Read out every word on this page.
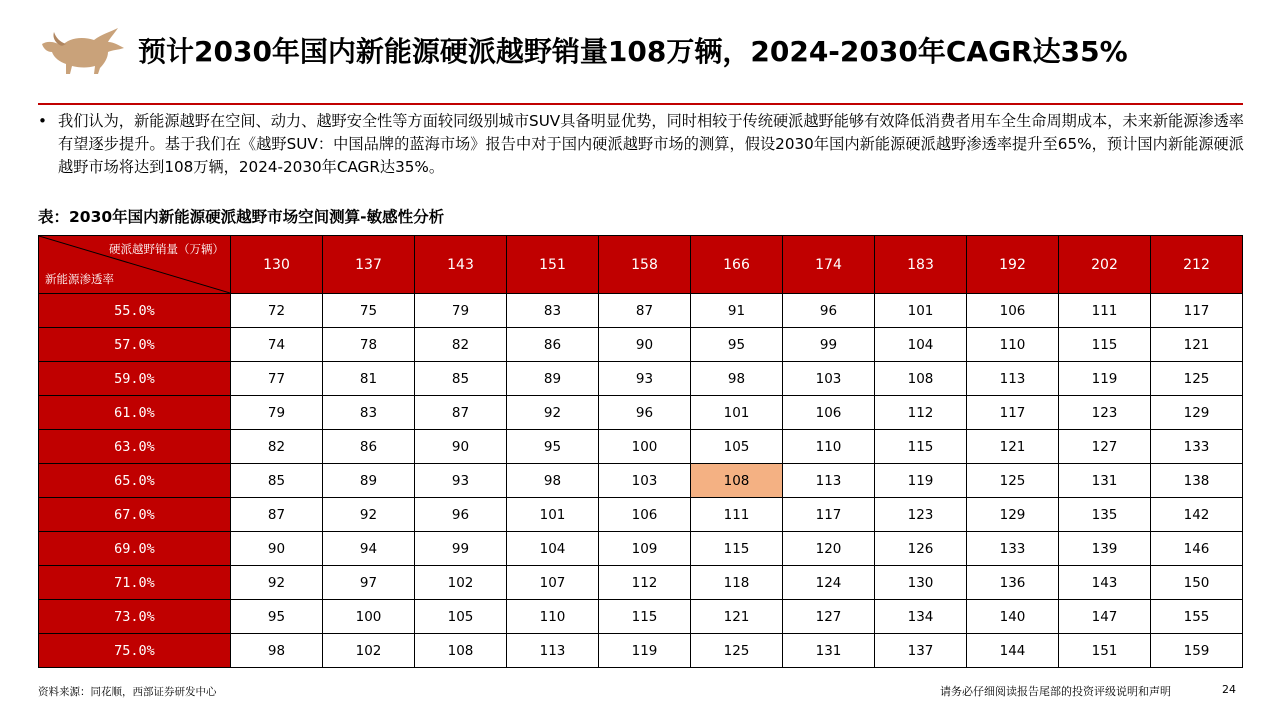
预计2030年国内新能源硬派越野销量108万辆，2024-2030年CAGR达35%
• 我们认为，新能源越野在空间、动力、越野安全性等方面较同级别城市SUV具备明显优势，同时相较于传统硬派越野能够有效降低消费者用车全生命周期成本，未来新能源渗透率有望逐步提升。基于我们在《越野SUV：中国品牌的蓝海市场》报告中对于国内硬派越野市场的测算，假设2030年国内新能源硬派越野渗透率提升至65%，预计国内新能源硬派越野市场将达到108万辆，2024-2030年CAGR达35%。
表：2030年国内新能源硬派越野市场空间测算-敏感性分析
硬派越野销量（万辆）
新能源渗透率	130	137	143	151	158	166	174	183	192	202	212
55.0%	72	75	79	83	87	91	96	101	106	111	117
57.0%	74	78	82	86	90	95	99	104	110	115	121
59.0%	77	81	85	89	93	98	103	108	113	119	125
61.0%	79	83	87	92	96	101	106	112	117	123	129
63.0%	82	86	90	95	100	105	110	115	121	127	133
65.0%	85	89	93	98	103	108	113	119	125	131	138
67.0%	87	92	96	101	106	111	117	123	129	135	142
69.0%	90	94	99	104	109	115	120	126	133	139	146
71.0%	92	97	102	107	112	118	124	130	136	143	150
73.0%	95	100	105	110	115	121	127	134	140	147	155
75.0%	98	102	108	113	119	125	131	137	144	151	159
资料来源：同花顺，西部证券研发中心	请务必仔细阅读报告尾部的投资评级说明和声明	24
